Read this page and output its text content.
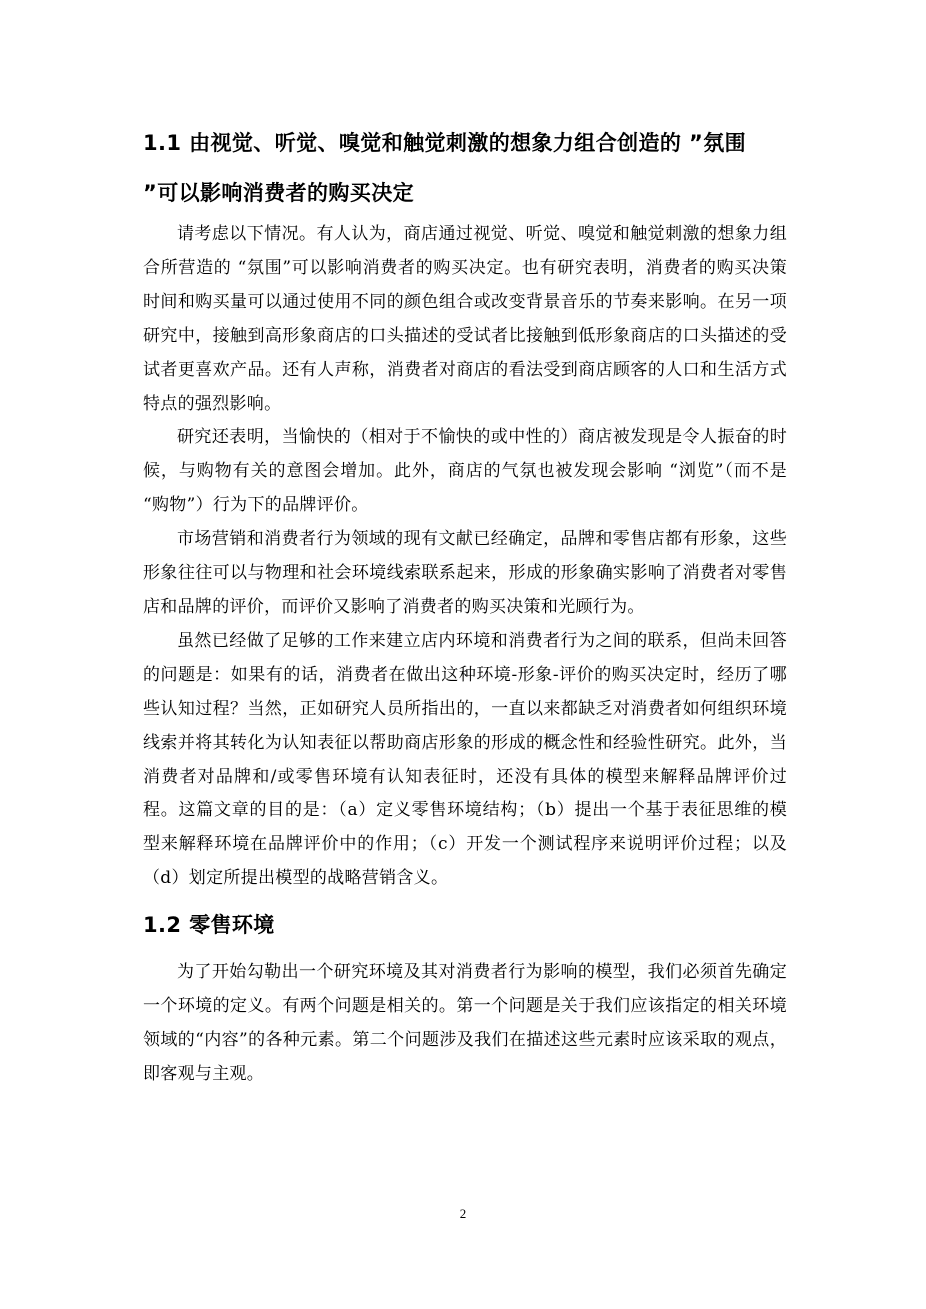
1.1 由视觉、听觉、嗅觉和触觉刺激的想象力组合创造的 ”氛围 ”可以影响消费者的购买决定

请考虑以下情况。有人认为，商店通过视觉、听觉、嗅觉和触觉刺激的想象力组合所营造的 “氛围”可以影响消费者的购买决定。也有研究表明，消费者的购买决策时间和购买量可以通过使用不同的颜色组合或改变背景音乐的节奏来影响。在另一项研究中，接触到高形象商店的口头描述的受试者比接触到低形象商店的口头描述的受试者更喜欢产品。还有人声称，消费者对商店的看法受到商店顾客的人口和生活方式特点的强烈影响。

研究还表明，当愉快的（相对于不愉快的或中性的）商店被发现是令人振奋的时候，与购物有关的意图会增加。此外，商店的气氛也被发现会影响 “浏览”（而不是 “购物”）行为下的品牌评价。

市场营销和消费者行为领域的现有文献已经确定，品牌和零售店都有形象，这些形象往往可以与物理和社会环境线索联系起来，形成的形象确实影响了消费者对零售店和品牌的评价，而评价又影响了消费者的购买决策和光顾行为。

虽然已经做了足够的工作来建立店内环境和消费者行为之间的联系，但尚未回答的问题是：如果有的话，消费者在做出这种环境-形象-评价的购买决定时，经历了哪些认知过程？当然，正如研究人员所指出的，一直以来都缺乏对消费者如何组织环境线索并将其转化为认知表征以帮助商店形象的形成的概念性和经验性研究。此外，当消费者对品牌和/或零售环境有认知表征时，还没有具体的模型来解释品牌评价过程。这篇文章的目的是：（a）定义零售环境结构；（b）提出一个基于表征思维的模型来解释环境在品牌评价中的作用；（c）开发一个测试程序来说明评价过程；以及（d）划定所提出模型的战略营销含义。

1.2 零售环境

为了开始勾勒出一个研究环境及其对消费者行为影响的模型，我们必须首先确定一个环境的定义。有两个问题是相关的。第一个问题是关于我们应该指定的相关环境领域的“内容”的各种元素。第二个问题涉及我们在描述这些元素时应该采取的观点，即客观与主观。

2
